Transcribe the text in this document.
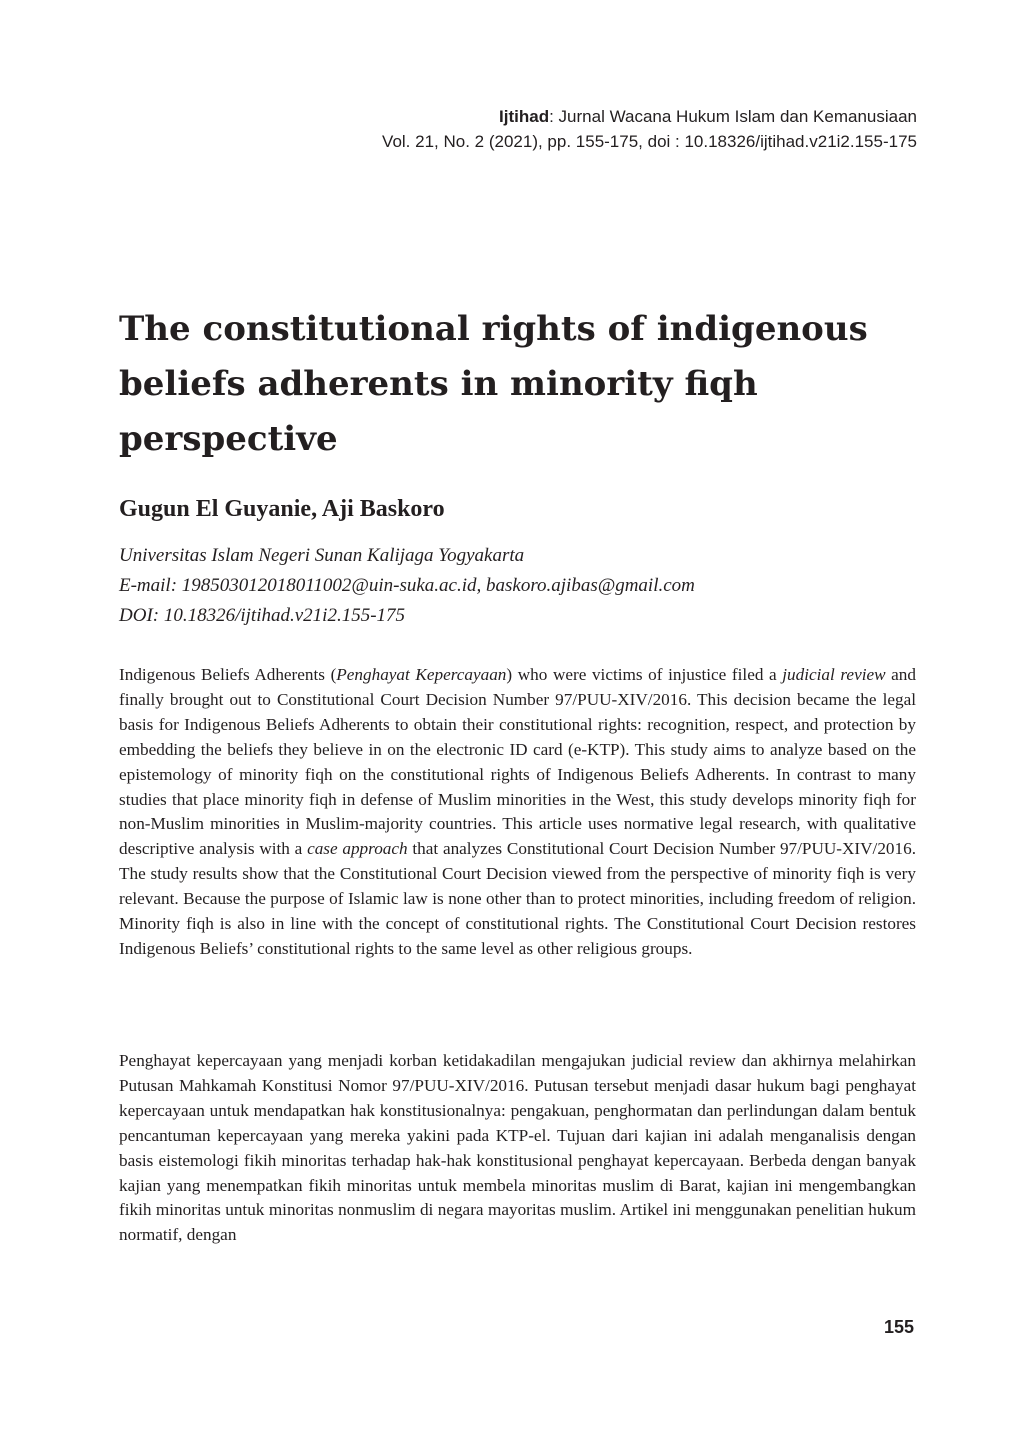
Ijtihad: Jurnal Wacana Hukum Islam dan Kemanusiaan
Vol. 21, No. 2 (2021), pp. 155-175, doi : 10.18326/ijtihad.v21i2.155-175
The constitutional rights of indigenous beliefs adherents in minority fiqh perspective
Gugun El Guyanie, Aji Baskoro
Universitas Islam Negeri Sunan Kalijaga Yogyakarta
E-mail: 198503012018011002@uin-suka.ac.id, baskoro.ajibas@gmail.com
DOI: 10.18326/ijtihad.v21i2.155-175

Indigenous Beliefs Adherents (Penghayat Kepercayaan) who were victims of injustice filed a judicial review and finally brought out to Constitutional Court Decision Number 97/PUU-XIV/2016. This decision became the legal basis for Indigenous Beliefs Adherents to obtain their constitutional rights: recognition, respect, and protection by embedding the beliefs they believe in on the electronic ID card (e-KTP). This study aims to analyze based on the epistemology of minority fiqh on the constitutional rights of Indigenous Beliefs Adherents. In contrast to many studies that place minority fiqh in defense of Muslim minorities in the West, this study develops minority fiqh for non-Muslim minorities in Muslim-majority countries. This article uses normative legal research, with qualitative descriptive analysis with a case approach that analyzes Constitutional Court Decision Number 97/PUU-XIV/2016. The study results show that the Constitutional Court Decision viewed from the perspective of minority fiqh is very relevant. Because the purpose of Islamic law is none other than to protect minorities, including freedom of religion. Minority fiqh is also in line with the concept of constitutional rights. The Constitutional Court Decision restores Indigenous Beliefs’ constitutional rights to the same level as other religious groups.

Penghayat kepercayaan yang menjadi korban ketidakadilan mengajukan judicial review dan akhirnya melahirkan Putusan Mahkamah Konstitusi Nomor 97/PUU-XIV/2016. Putusan tersebut menjadi dasar hukum bagi penghayat kepercayaan untuk mendapatkan hak konstitusionalnya: pengakuan, penghormatan dan perlindungan dalam bentuk pencantuman kepercayaan yang mereka yakini pada KTP-el. Tujuan dari kajian ini adalah menganalisis dengan basis eistemologi fikih minoritas terhadap hak-hak konstitusional penghayat kepercayaan. Berbeda dengan banyak kajian yang menempatkan fikih minoritas untuk membela minoritas muslim di Barat, kajian ini mengembangkan fikih minoritas untuk minoritas nonmuslim di negara mayoritas muslim. Artikel ini menggunakan penelitian hukum normatif, dengan

155
